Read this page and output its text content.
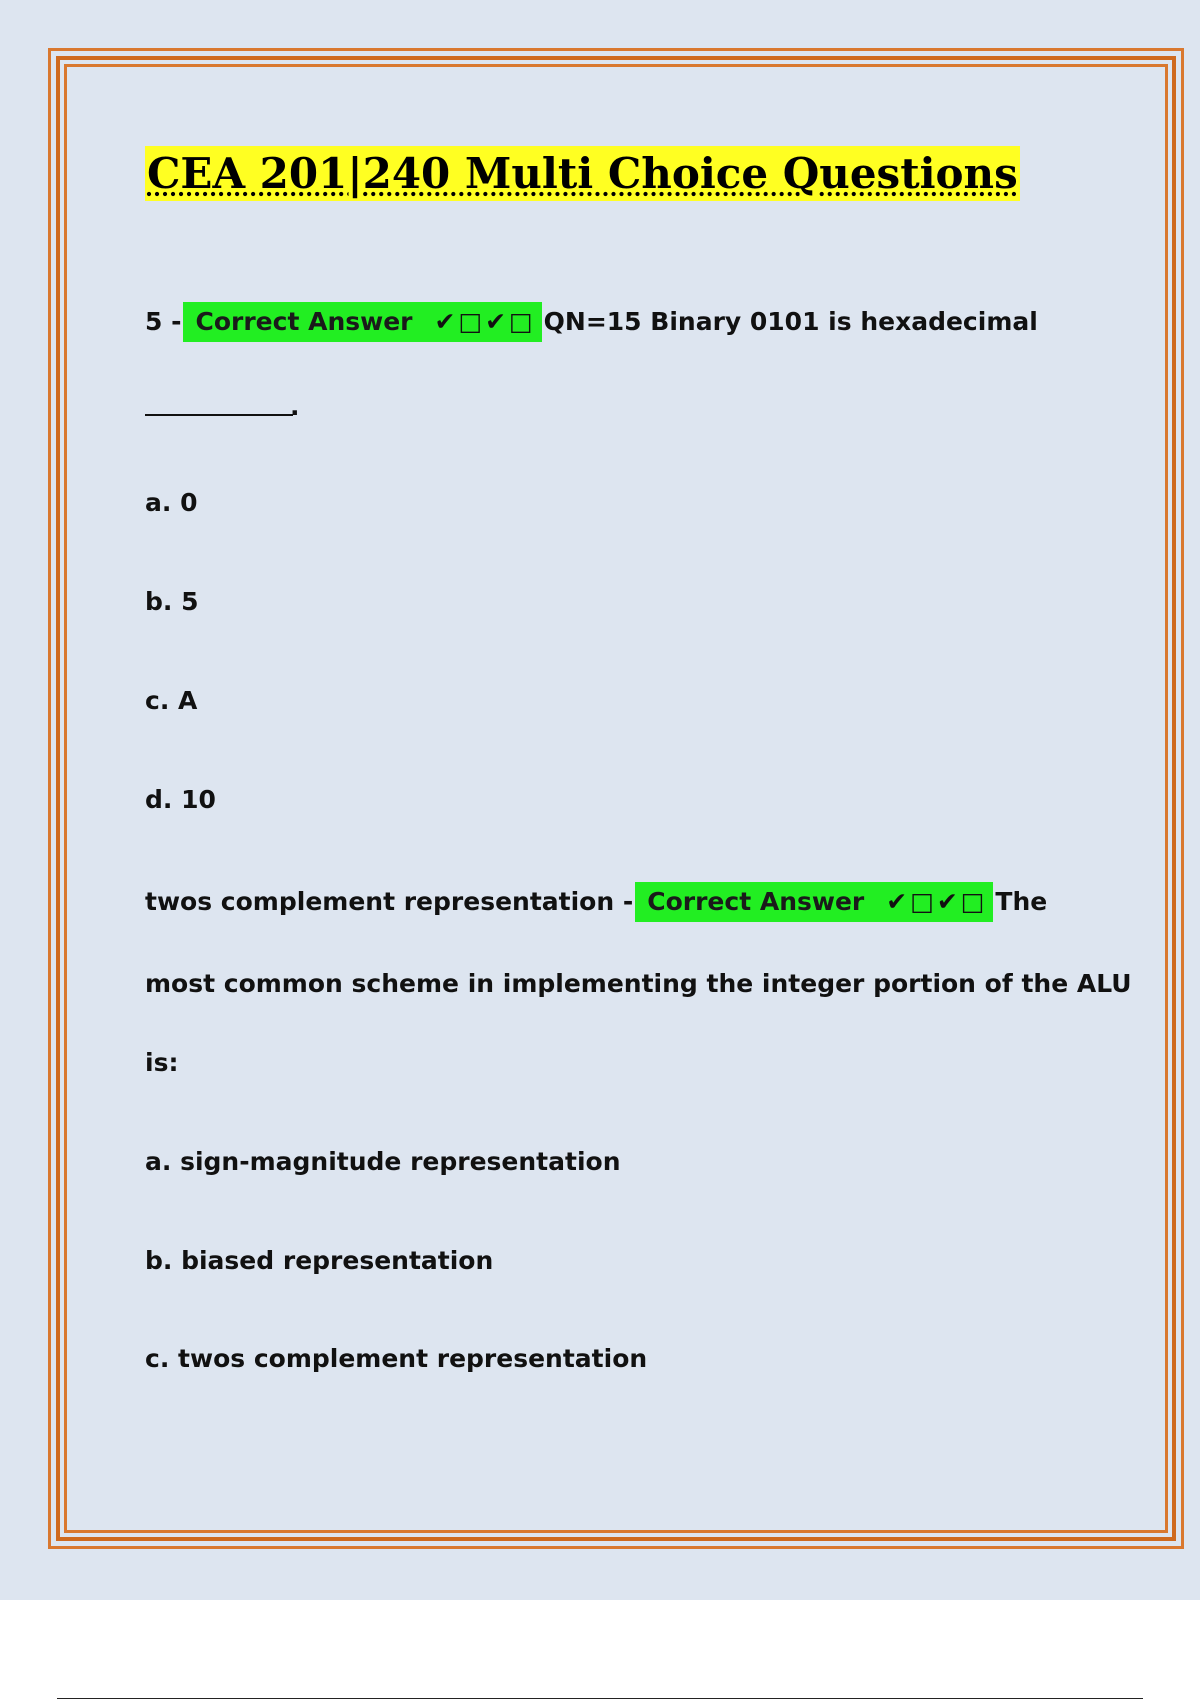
CEA 201|240 Multi Choice Questions
5 - Correct Answer ✔□✔□ QN=15 Binary 0101 is hexadecimal
.
a. 0
b. 5
c. A
d. 10
twos complement representation - Correct Answer ✔□✔□ The
most common scheme in implementing the integer portion of the ALU
is:
a. sign-magnitude representation
b. biased representation
c. twos complement representation
